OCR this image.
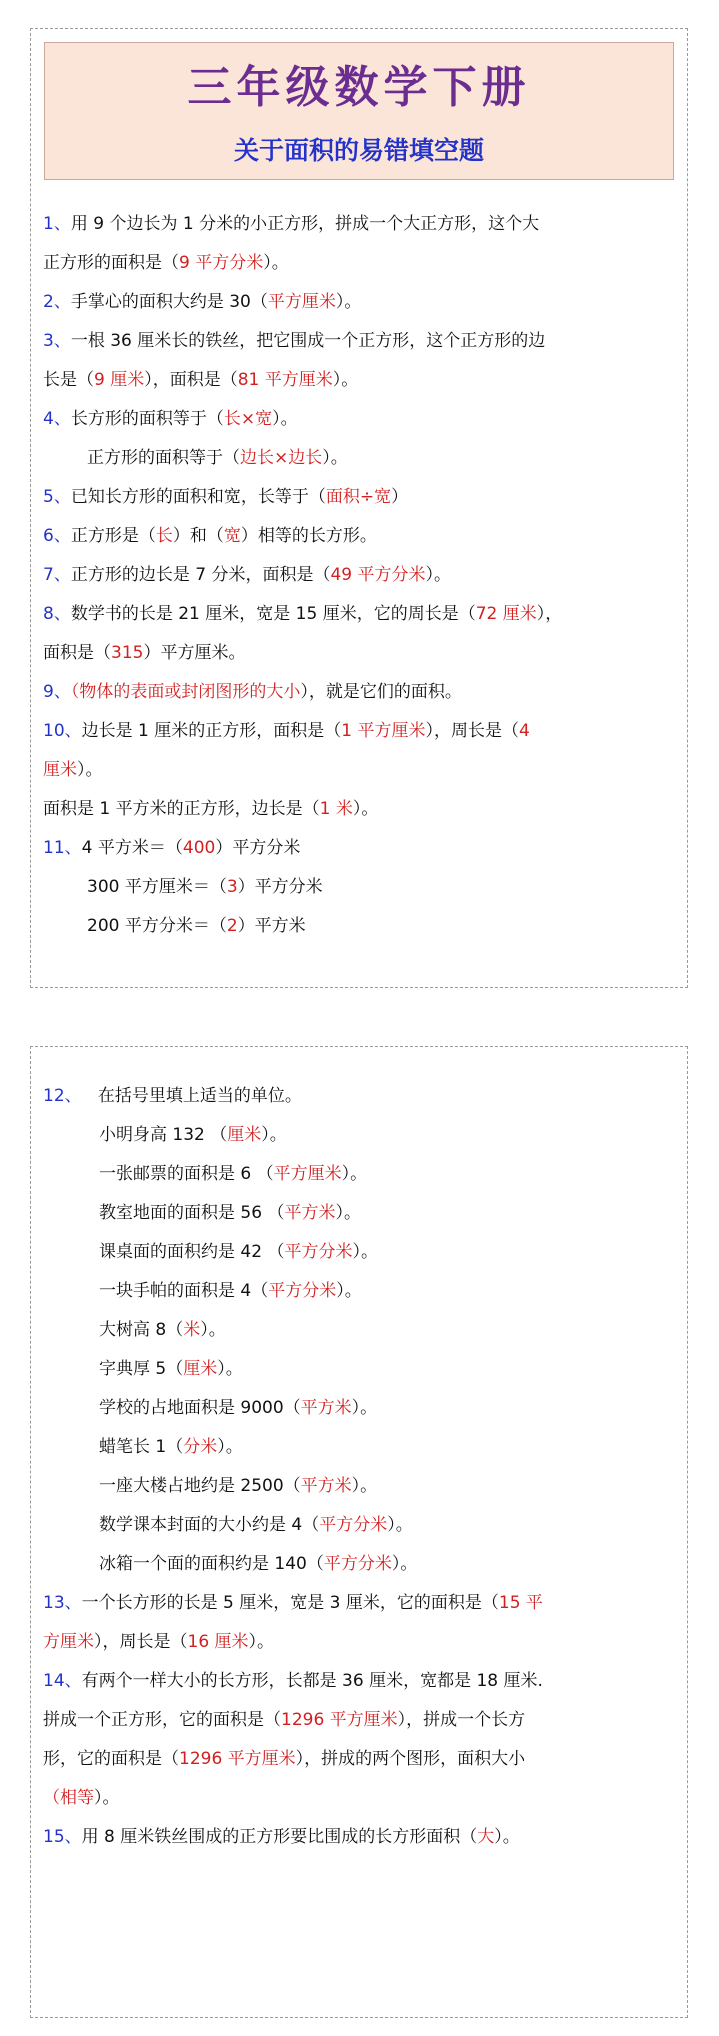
三年级数学下册
关于面积的易错填空题
1、用 9 个边长为 1 分米的小正方形，拼成一个大正方形，这个大
正方形的面积是（9 平方分米）。
2、手掌心的面积大约是 30（平方厘米）。
3、一根 36 厘米长的铁丝，把它围成一个正方形，这个正方形的边
长是（9 厘米），面积是（81 平方厘米）。
4、长方形的面积等于（长×宽）。
正方形的面积等于（边长×边长）。
5、已知长方形的面积和宽，长等于（面积÷宽）
6、正方形是（长）和（宽）相等的长方形。
7、正方形的边长是 7 分米，面积是（49 平方分米）。
8、数学书的长是 21 厘米，宽是 15 厘米，它的周长是（72 厘米），
面积是（315）平方厘米。
9、（物体的表面或封闭图形的大小），就是它们的面积。
10、边长是 1 厘米的正方形，面积是（1 平方厘米），周长是（4
厘米）。
面积是 1 平方米的正方形，边长是（1 米）。
11、4 平方米＝（400）平方分米
300 平方厘米＝（3）平方分米
200 平方分米＝（2）平方米
12、 在括号里填上适当的单位。
小明身高 132 （厘米）。
一张邮票的面积是 6 （平方厘米）。
教室地面的面积是 56 （平方米）。
课桌面的面积约是 42 （平方分米）。
一块手帕的面积是 4（平方分米）。
大树高 8（米）。
字典厚 5（厘米）。
学校的占地面积是 9000（平方米）。
蜡笔长 1（分米）。
一座大楼占地约是 2500（平方米）。
数学课本封面的大小约是 4（平方分米）。
冰箱一个面的面积约是 140（平方分米）。
13、一个长方形的长是 5 厘米，宽是 3 厘米，它的面积是（15 平
方厘米），周长是（16 厘米）。
14、有两个一样大小的长方形，长都是 36 厘米，宽都是 18 厘米.
拼成一个正方形，它的面积是（1296 平方厘米），拼成一个长方
形，它的面积是（1296 平方厘米），拼成的两个图形，面积大小
（相等）。
15、用 8 厘米铁丝围成的正方形要比围成的长方形面积（大）。
